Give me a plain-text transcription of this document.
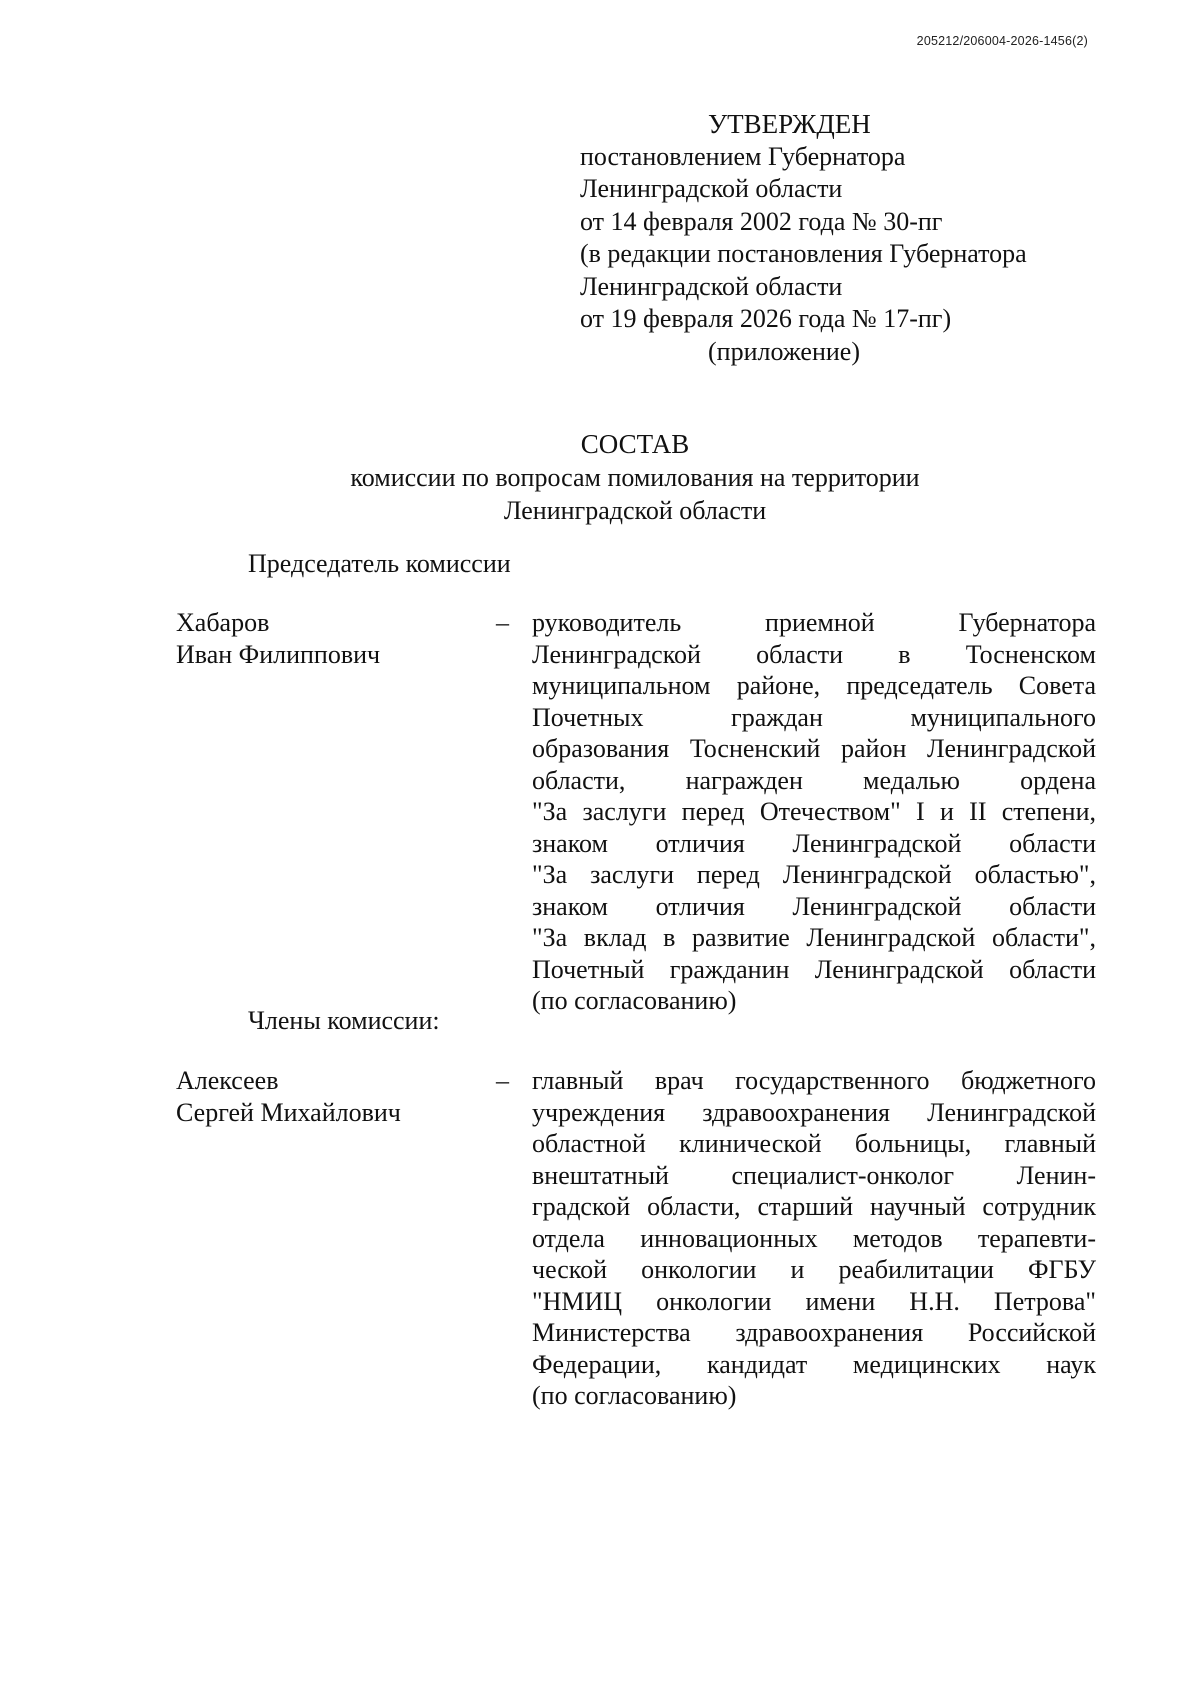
205212/206004-2026-1456(2)
УТВЕРЖДЕН
постановлением Губернатора
Ленинградской области
от 14 февраля 2002 года № 30-пг
(в редакции постановления Губернатора
Ленинградской области
от 19 февраля 2026 года № 17-пг)
(приложение)
СОСТАВ
комиссии по вопросам помилования на территории
Ленинградской области
Председатель комиссии
Хабаров
Иван Филиппович
– руководитель приемной Губернатора
Ленинградской области в Тосненском
муниципальном районе, председатель Совета
Почетных граждан муниципального
образования Тосненский район Ленинградской
области, награжден медалью ордена
"За заслуги перед Отечеством" I и II степени,
знаком отличия Ленинградской области
"За заслуги перед Ленинградской областью",
знаком отличия Ленинградской области
"За вклад в развитие Ленинградской области",
Почетный гражданин Ленинградской области
(по согласованию)
Члены комиссии:
Алексеев
Сергей Михайлович
– главный врач государственного бюджетного
учреждения здравоохранения Ленинградской
областной клинической больницы, главный
внештатный специалист-онколог Ленин-
градской области, старший научный сотрудник
отдела инновационных методов терапевти-
ческой онкологии и реабилитации ФГБУ
"НМИЦ онкологии имени Н.Н. Петрова"
Министерства здравоохранения Российской
Федерации, кандидат медицинских наук
(по согласованию)
